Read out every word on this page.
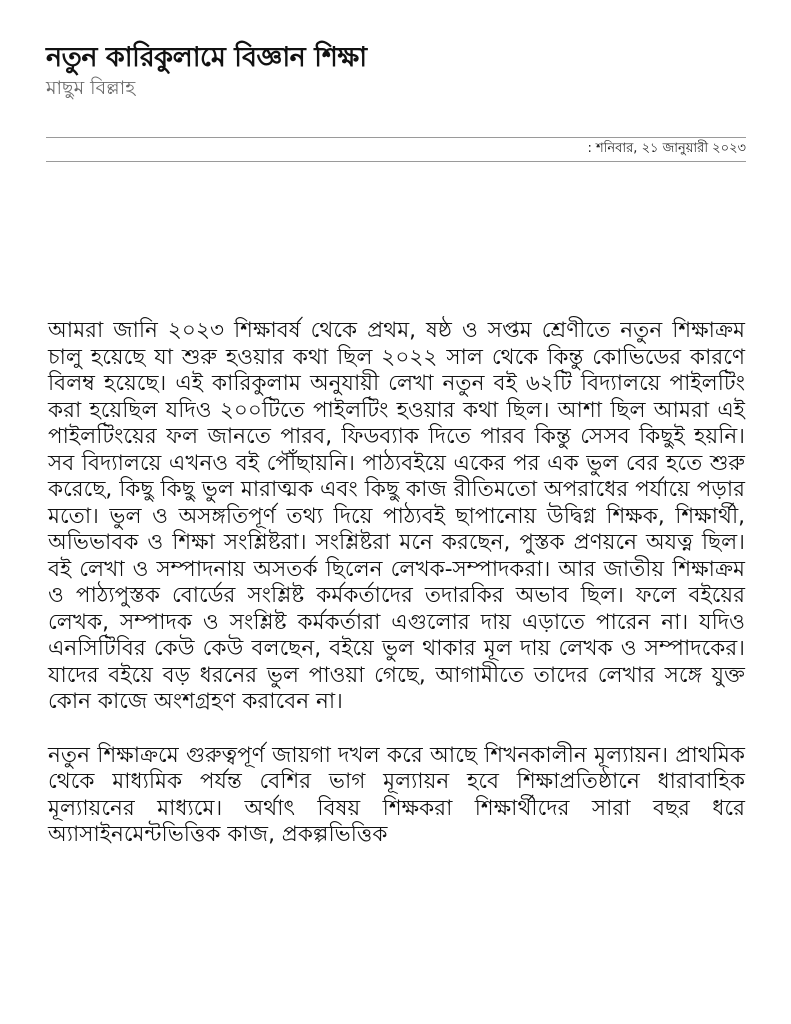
নতুন কারিকুলামে বিজ্ঞান শিক্ষা
মাছুম বিল্লাহ
: শনিবার, ২১ জানুয়ারী ২০২৩

আমরা জানি ২০২৩ শিক্ষাবর্ষ থেকে প্রথম, ষষ্ঠ ও সপ্তম শ্রেণীতে নতুন শিক্ষাক্রম চালু হয়েছে যা শুরু হওয়ার কথা ছিল ২০২২ সাল থেকে কিন্তু কোভিডের কারণে বিলম্ব হয়েছে। এই কারিকুলাম অনুযায়ী লেখা নতুন বই ৬২টি বিদ্যালয়ে পাইলটিং করা হয়েছিল যদিও ২০০টিতে পাইলটিং হওয়ার কথা ছিল। আশা ছিল আমরা এই পাইলটিংয়ের ফল জানতে পারব, ফিডব্যাক দিতে পারব কিন্তু সেসব কিছুই হয়নি। সব বিদ্যালয়ে এখনও বই পৌঁছায়নি। পাঠ্যবইয়ে একের পর এক ভুল বের হতে শুরু করেছে, কিছু কিছু ভুল মারাত্মক এবং কিছু কাজ রীতিমতো অপরাধের পর্যায়ে পড়ার মতো। ভুল ও অসঙ্গতিপূর্ণ তথ্য দিয়ে পাঠ্যবই ছাপানোয় উদ্বিগ্ন শিক্ষক, শিক্ষার্থী, অভিভাবক ও শিক্ষা সংশ্লিষ্টরা। সংশ্লিষ্টরা মনে করছেন, পুস্তক প্রণয়নে অযত্ন ছিল। বই লেখা ও সম্পাদনায় অসতর্ক ছিলেন লেখক-সম্পাদকরা। আর জাতীয় শিক্ষাক্রম ও পাঠ্যপুস্তক বোর্ডের সংশ্লিষ্ট কর্মকর্তাদের তদারকির অভাব ছিল। ফলে বইয়ের লেখক, সম্পাদক ও সংশ্লিষ্ট কর্মকর্তারা এগুলোর দায় এড়াতে পারেন না। যদিও এনসিটিবির কেউ কেউ বলছেন, বইয়ে ভুল থাকার মূল দায় লেখক ও সম্পাদকের। যাদের বইয়ে বড় ধরনের ভুল পাওয়া গেছে, আগামীতে তাদের লেখার সঙ্গে যুক্ত কোন কাজে অংশগ্রহণ করাবেন না।

নতুন শিক্ষাক্রমে গুরুত্বপূর্ণ জায়গা দখল করে আছে শিখনকালীন মূল্যায়ন। প্রাথমিক থেকে মাধ্যমিক পর্যন্ত বেশির ভাগ মূল্যায়ন হবে শিক্ষাপ্রতিষ্ঠানে ধারাবাহিক মূল্যায়নের মাধ্যমে। অর্থাৎ বিষয় শিক্ষকরা শিক্ষার্থীদের সারা বছর ধরে অ্যাসাইনমেন্টভিত্তিক কাজ, প্রকল্পভিত্তিক
